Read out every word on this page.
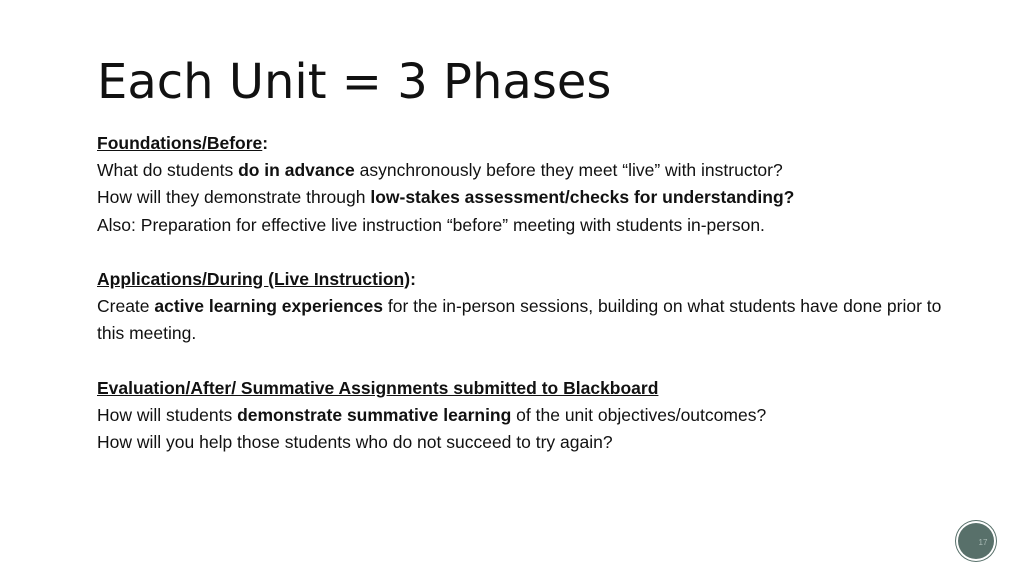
Each Unit = 3 Phases
Foundations/Before:
What do students do in advance asynchronously before they meet “live” with instructor?
How will they demonstrate through low-stakes assessment/checks for understanding?
Also: Preparation for effective live instruction “before” meeting with students in-person.
Applications/During (Live Instruction):
Create active learning experiences for the in-person sessions, building on what students have done prior to this meeting.
Evaluation/After/ Summative Assignments submitted to Blackboard
How will students demonstrate summative learning of the unit objectives/outcomes?
How will you help those students who do not succeed to try again?
17
